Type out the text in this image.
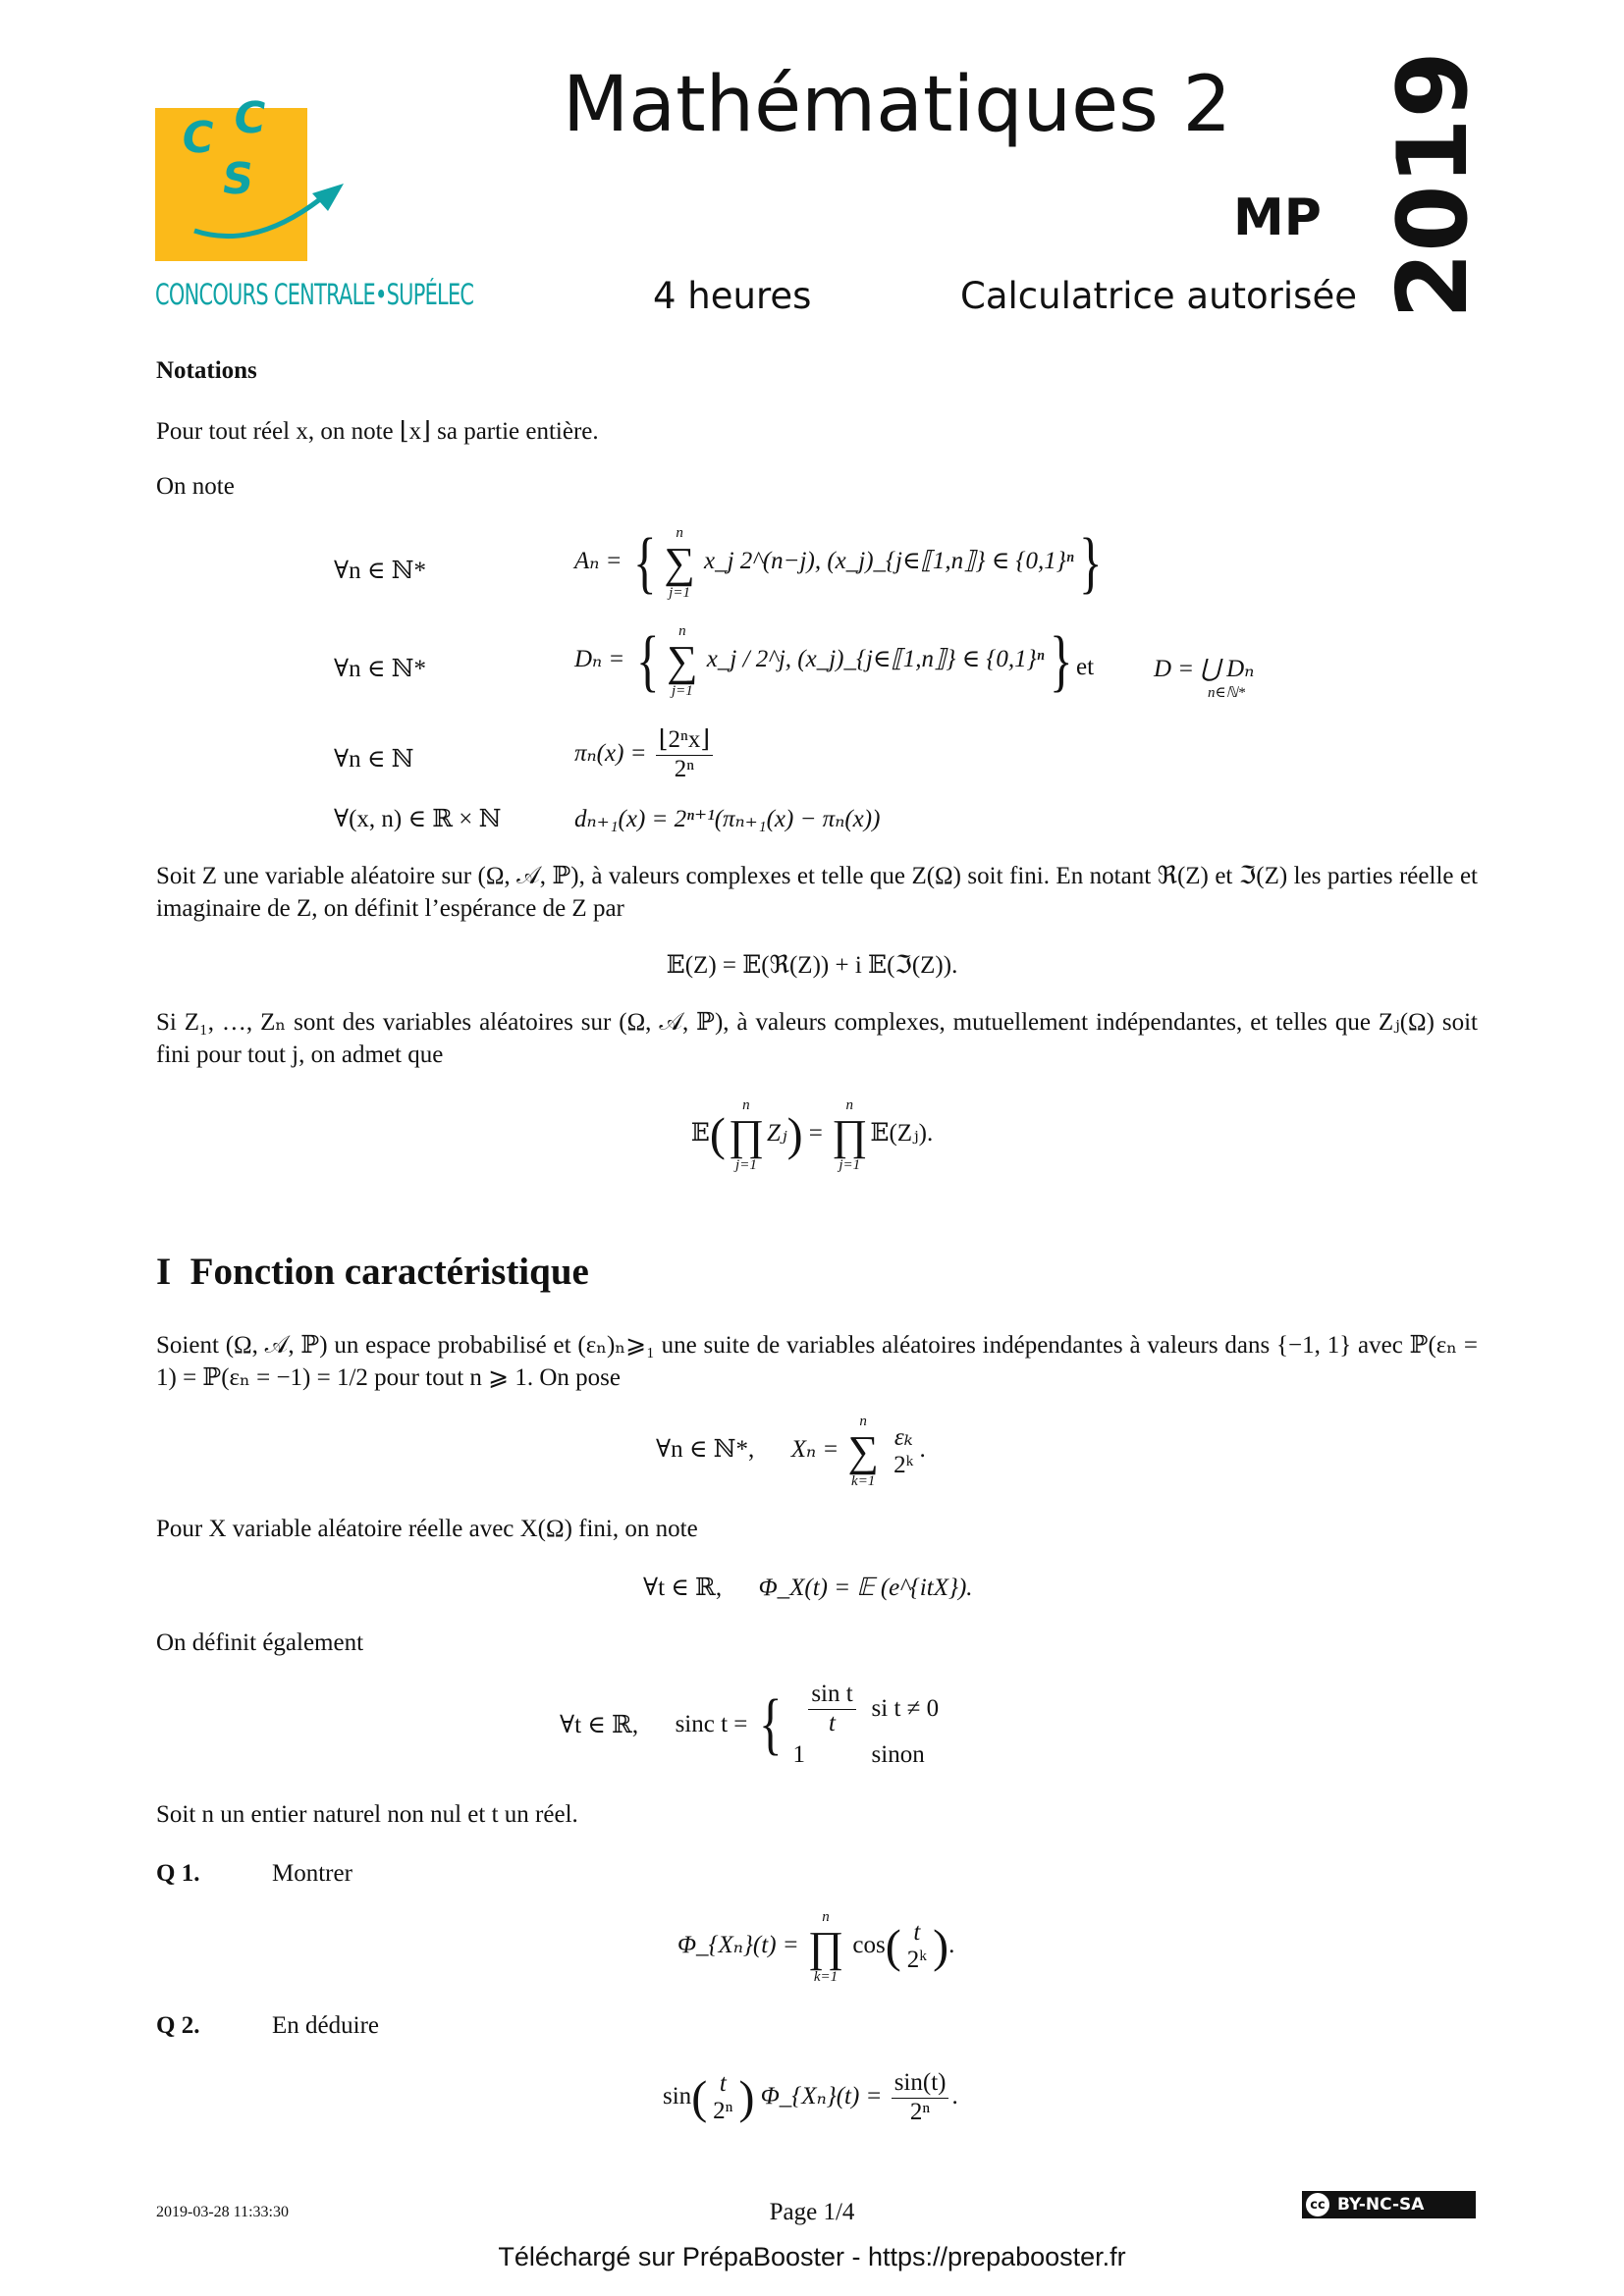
C C
S
CONCOURS CENTRALE•SUPÉLEC
Mathématiques 2
MP 2019
4 heures	Calculatrice autorisée
Notations
Pour tout réel x, on note ⌊x⌋ sa partie entière.
On note
∀n ∈ ℕ*	Aₙ = { n
∑
j=1
x_j 2^(n−j), (x_j)_{j∈⟦1,n⟧} ∈ {0,1}ⁿ}
∀n ∈ ℕ*	Dₙ = { n
∑
j=1
x_j / 2^j, (x_j)_{j∈⟦1,n⟧} ∈ {0,1}ⁿ} et D = ⋃ Dₙ
n∈ℕ*
∀n ∈ ℕ	$\pi_n(x) = \frac{\text{⌊2ⁿx⌋}}{\text{2ⁿ}}$
∀(x, n) ∈ ℝ × ℕ	dₙ₊₁(x) = 2ⁿ⁺¹(πₙ₊₁(x) − πₙ(x))
Soit Z une variable aléatoire sur (Ω, 𝒜, ℙ), à valeurs complexes et telle que Z(Ω) soit fini. En notant ℜ(Z) et ℑ(Z) les parties réelle et imaginaire de Z, on définit l’espérance de Z par
𝔼(Z) = 𝔼(ℜ(Z)) + i 𝔼(ℑ(Z)).
Si Z₁, …, Zₙ sont des variables aléatoires sur (Ω, 𝒜, ℙ), à valeurs complexes, mutuellement indépendantes, et telles que Zⱼ(Ω) soit fini pour tout j, on admet que
𝔼(
n
∏
j=1
Zⱼ) =
n
∏
j=1
𝔼(Zⱼ).
I  Fonction caractéristique
Soient (Ω, 𝒜, ℙ) un espace probabilisé et (εₙ)ₙ⩾₁ une suite de variables aléatoires indépendantes à valeurs dans {−1, 1} avec ℙ(εₙ = 1) = ℙ(εₙ = −1) = 1/2 pour tout n ⩾ 1. On pose
∀n ∈ ℕ*, Xₙ =
n
∑
k=1

εₖ
2ᵏ
.
Pour X variable aléatoire réelle avec X(Ω) fini, on note
∀t ∈ ℝ, Φ_X(t) = 𝔼 (e^{itX}).
On définit également
∀t ∈ ℝ, sinc t = { $\frac{\text{sin t}}{t}$ si t ≠ 0
1	sinon
Soit n un entier naturel non nul et t un réel.
Q 1.	Montrer
Φ_{Xₙ}(t) =
n
∏
k=1
cos( t
2ᵏ ).
Q 2.	En déduire
sin( t
2ⁿ ) Φ_{Xₙ}(t) = $\frac{\sin(t)}{\text{2ⁿ}}$ .
2019-03-28 11:33:30	Page 1/4	cc BY-NC-SA
Téléchargé sur PrépaBooster - https://prepabooster.fr
